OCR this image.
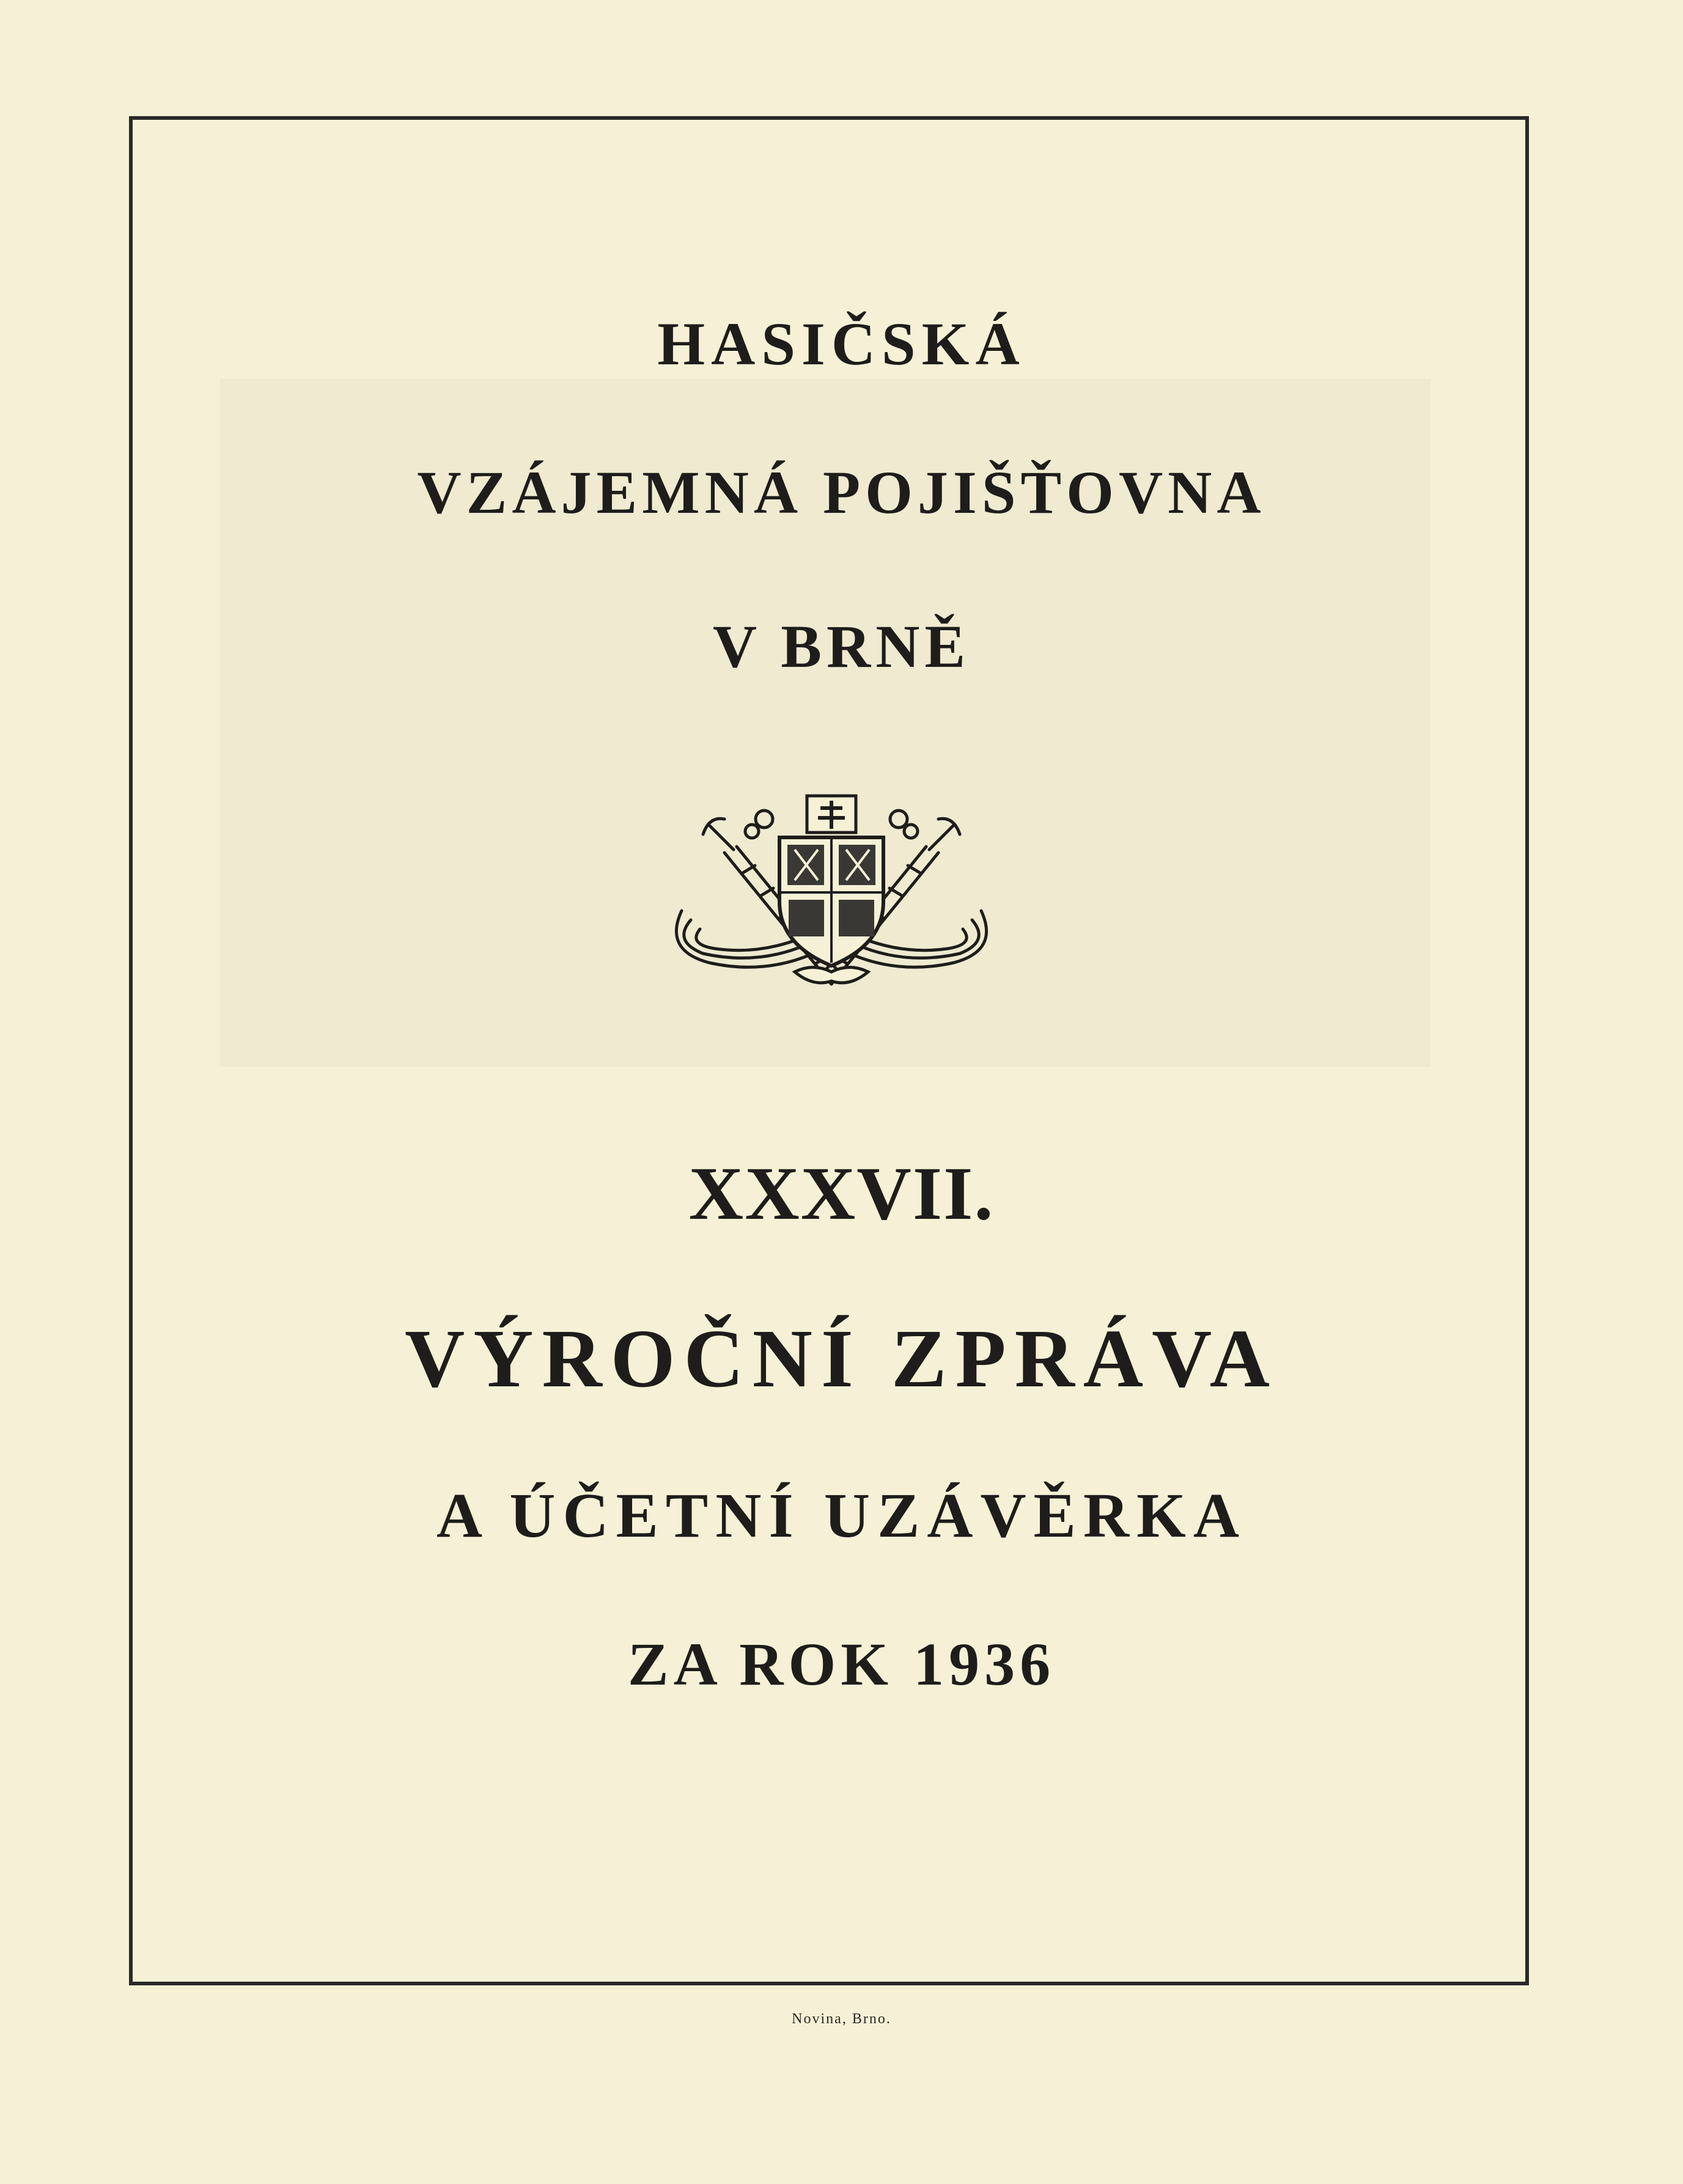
HASIČSKÁ
VZÁJEMNÁ POJIŠŤOVNA
V BRNĚ
XXXVII.
VÝROČNÍ ZPRÁVA
A ÚČETNÍ UZÁVĚRKA
ZA ROK 1936
Novina, Brno.
